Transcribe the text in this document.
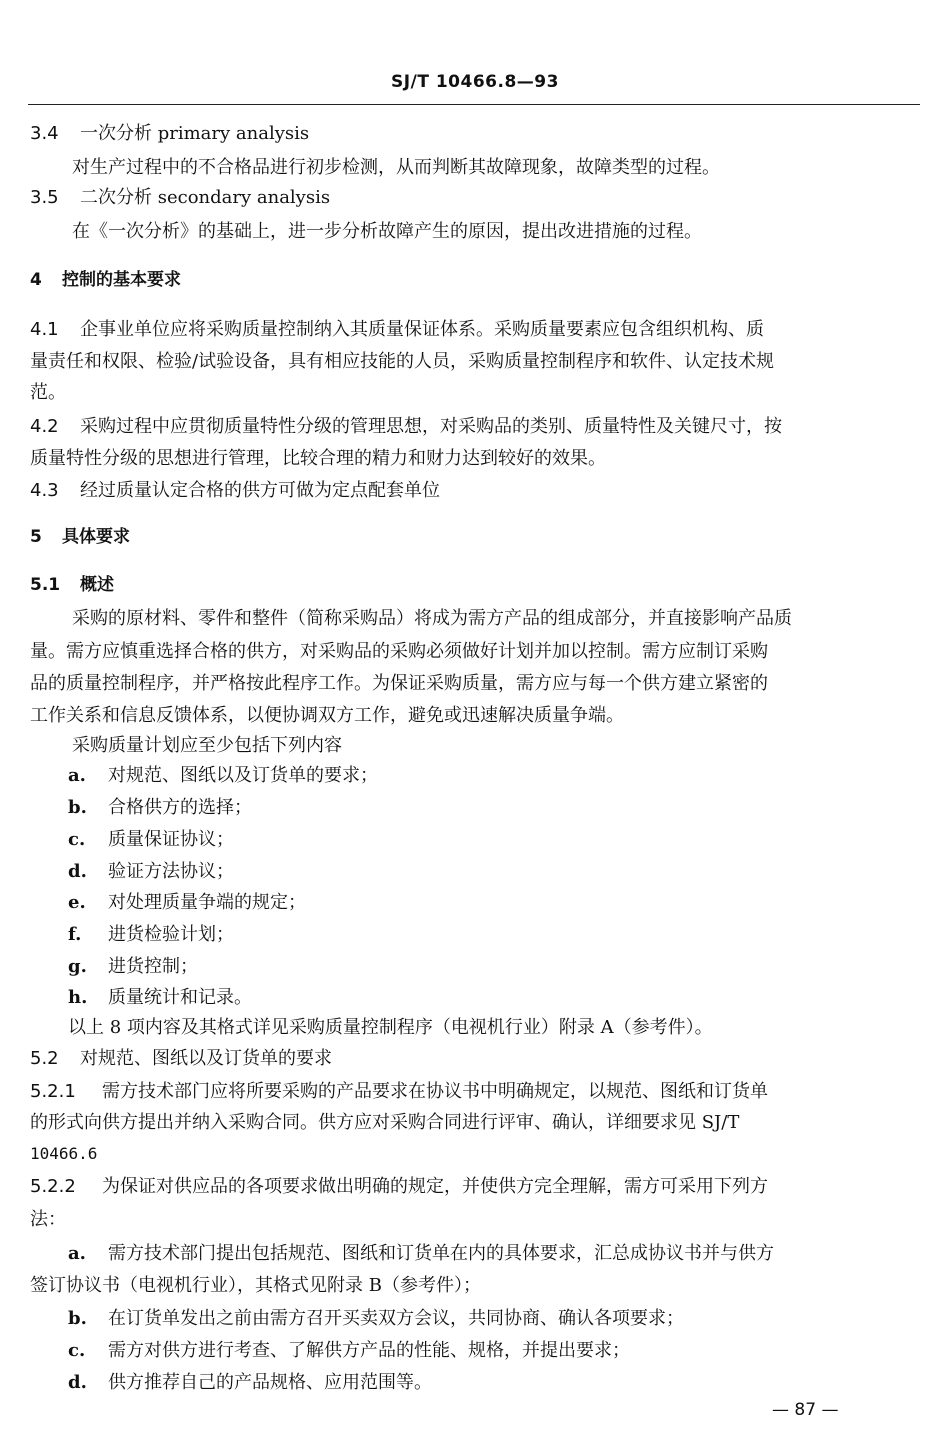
SJ/T 10466.8—93
3.4 一次分析 primary analysis
对生产过程中的不合格品进行初步检测，从而判断其故障现象，故障类型的过程。
3.5 二次分析 secondary analysis
在《一次分析》的基础上，进一步分析故障产生的原因，提出改进措施的过程。
4 控制的基本要求
4.1 企事业单位应将采购质量控制纳入其质量保证体系。采购质量要素应包含组织机构、质
量责任和权限、检验/试验设备，具有相应技能的人员，采购质量控制程序和软件、认定技术规
范。
4.2 采购过程中应贯彻质量特性分级的管理思想，对采购品的类别、质量特性及关键尺寸，按
质量特性分级的思想进行管理，比较合理的精力和财力达到较好的效果。
4.3 经过质量认定合格的供方可做为定点配套单位
5 具体要求
5.1 概述
采购的原材料、零件和整件（简称采购品）将成为需方产品的组成部分，并直接影响产品质
量。需方应慎重选择合格的供方，对采购品的采购必须做好计划并加以控制。需方应制订采购
品的质量控制程序，并严格按此程序工作。为保证采购质量，需方应与每一个供方建立紧密的
工作关系和信息反馈体系，以便协调双方工作，避免或迅速解决质量争端。
采购质量计划应至少包括下列内容
a. 对规范、图纸以及订货单的要求；
b. 合格供方的选择；
c. 质量保证协议；
d. 验证方法协议；
e. 对处理质量争端的规定；
f. 进货检验计划；
g. 进货控制；
h. 质量统计和记录。
以上 8 项内容及其格式详见采购质量控制程序（电视机行业）附录 A（参考件）。
5.2 对规范、图纸以及订货单的要求
5.2.1 需方技术部门应将所要采购的产品要求在协议书中明确规定，以规范、图纸和订货单
的形式向供方提出并纳入采购合同。供方应对采购合同进行评审、确认，详细要求见 SJ/T
10466.6
5.2.2 为保证对供应品的各项要求做出明确的规定，并使供方完全理解，需方可采用下列方
法：
a. 需方技术部门提出包括规范、图纸和订货单在内的具体要求，汇总成协议书并与供方
签订协议书（电视机行业），其格式见附录 B（参考件）；
b. 在订货单发出之前由需方召开买卖双方会议，共同协商、确认各项要求；
c. 需方对供方进行考查、了解供方产品的性能、规格，并提出要求；
d. 供方推荐自己的产品规格、应用范围等。
— 87 —
